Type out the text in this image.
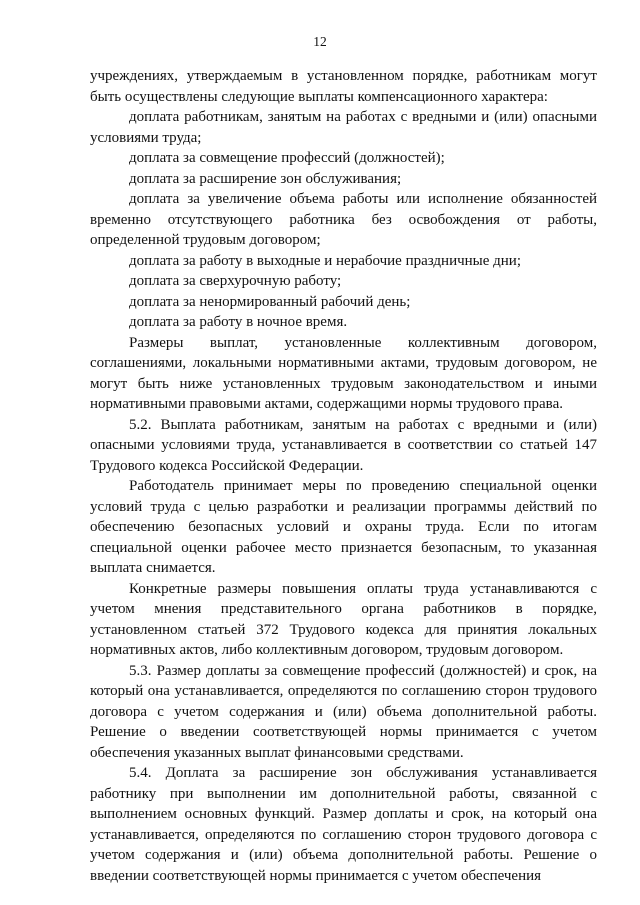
12

учреждениях, утверждаемым в установленном порядке, работникам могут быть осуществлены следующие выплаты компенсационного характера:

доплата работникам, занятым на работах с вредными и (или) опасными условиями труда;

доплата за совмещение профессий (должностей);

доплата за расширение зон обслуживания;

доплата за увеличение объема работы или исполнение обязанностей временно отсутствующего работника без освобождения от работы, определенной трудовым договором;

доплата за работу в выходные и нерабочие праздничные дни;

доплата за сверхурочную работу;

доплата за ненормированный рабочий день;

доплата за работу в ночное время.

Размеры выплат, установленные коллективным договором, соглашениями, локальными нормативными актами, трудовым договором, не могут быть ниже установленных трудовым законодательством и иными нормативными правовыми актами, содержащими нормы трудового права.

5.2. Выплата работникам, занятым на работах с вредными и (или) опасными условиями труда, устанавливается в соответствии со статьей 147 Трудового кодекса Российской Федерации.

Работодатель принимает меры по проведению специальной оценки условий труда с целью разработки и реализации программы действий по обеспечению безопасных условий и охраны труда. Если по итогам специальной оценки рабочее место признается безопасным, то указанная выплата снимается.

Конкретные размеры повышения оплаты труда устанавливаются с учетом мнения представительного органа работников в порядке, установленном статьей 372 Трудового кодекса для принятия локальных нормативных актов, либо коллективным договором, трудовым договором.

5.3. Размер доплаты за совмещение профессий (должностей) и срок, на который она устанавливается, определяются по соглашению сторон трудового договора с учетом содержания и (или) объема дополнительной работы. Решение о введении соответствующей нормы принимается с учетом обеспечения указанных выплат финансовыми средствами.

5.4. Доплата за расширение зон обслуживания устанавливается работнику при выполнении им дополнительной работы, связанной с выполнением основных функций. Размер доплаты и срок, на который она устанавливается, определяются по соглашению сторон трудового договора с учетом содержания и (или) объема дополнительной работы. Решение о введении соответствующей нормы принимается с учетом обеспечения
